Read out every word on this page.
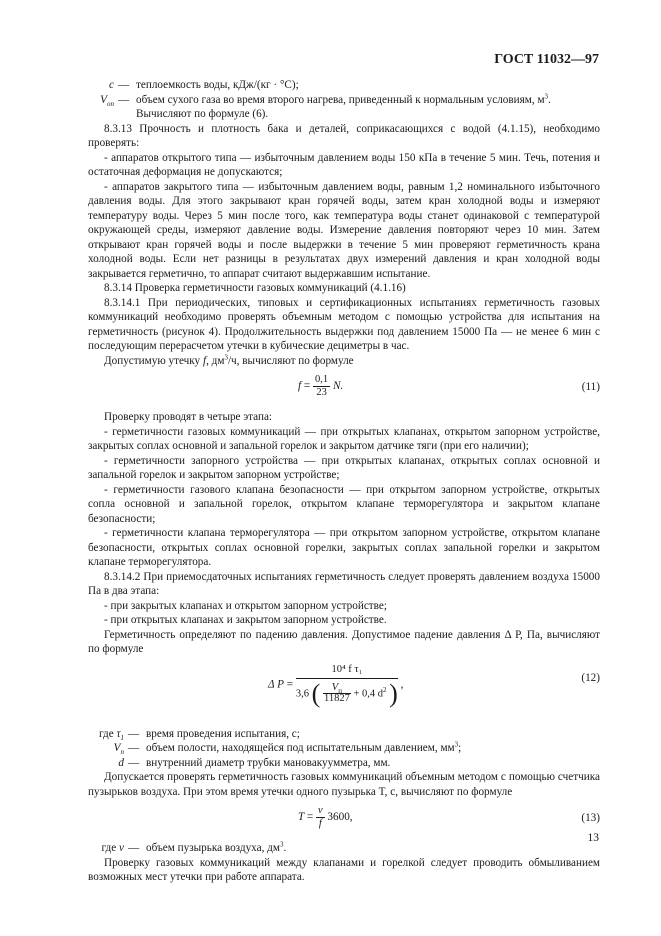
ГОСТ 11032—97
c — теплоемкость воды, кДж/(кг · °С);
$V_{оп}$ — объем сухого газа во время второго нагрева, приведенный к нормальным условиям, $м^3$.
Вычисляют по формуле (6).

8.3.13 Прочность и плотность бака и деталей, соприкасающихся с водой (4.1.15), необходимо проверять:

- аппаратов открытого типа — избыточным давлением воды 150 кПа в течение 5 мин. Течь, потения и остаточная деформация не допускаются;

- аппаратов закрытого типа — избыточным давлением воды, равным 1,2 номинального избыточного давления воды. Для этого закрывают кран горячей воды, затем кран холодной воды и измеряют температуру воды. Через 5 мин после того, как температура воды станет одинаковой с температурой окружающей среды, измеряют давление воды. Измерение давления повторяют через 10 мин. Затем открывают кран горячей воды и после выдержки в течение 5 мин проверяют герметичность крана холодной воды. Если нет разницы в результатах двух измерений давления и кран холодной воды закрывается герметично, то аппарат считают выдержавшим испытание.

8.3.14 Проверка герметичности газовых коммуникаций (4.1.16)

8.3.14.1 При периодических, типовых и сертификационных испытаниях герметичность газовых коммуникаций необходимо проверять объемным методом с помощью устройства для испытания на герметичность (рисунок 4). Продолжительность выдержки под давлением 15000 Па — не менее 6 мин с последующим перерасчетом утечки в кубические дециметры в час.

Допустимую утечку f, $дм^3/ч$, вычисляют по формуле

$f = \frac{0,1}{23} N$.	(11)

Проверку проводят в четыре этапа:

- герметичности газовых коммуникаций — при открытых клапанах, открытом запорном устройстве, закрытых соплах основной и запальной горелок и закрытом датчике тяги (при его наличии);

- герметичности запорного устройства — при открытых клапанах, открытых соплах основной и запальной горелок и закрытом запорном устройстве;

- герметичности газового клапана безопасности — при открытом запорном устройстве, открытых сопла основной и запальной горелок, открытом клапане терморегулятора и закрытом клапане безопасности;

- герметичности клапана терморегулятора — при открытом запорном устройстве, открытом клапане безопасности, открытых соплах основной горелки, закрытых соплах запальной горелки и закрытом клапане терморегулятора.

8.3.14.2 При приемосдаточных испытаниях герметичность следует проверять давлением воздуха 15000 Па в два этапа:

- при закрытых клапанах и открытом запорном устройстве;

- при открытых клапанах и закрытом запорном устройстве.

Герметичность определяют по падению давления. Допустимое падение давления Δ P, Па, вычисляют по формуле

Δ P =
10⁴ f τ₁
3,6 ( $\frac{V_п}{11827} + 0,4$ $d^2$ ) ,
(12)
где $\tau_1$ — время проведения испытания, с;
$V_п$ — объем полости, находящейся под испытательным давлением, $мм^3$;
d — внутренний диаметр трубки мановакуумметра, мм.

Допускается проверять герметичность газовых коммуникаций объемным методом с помощью счетчика пузырьков воздуха. При этом время утечки одного пузырька T, с, вычисляют по формуле

$T = \frac{v}{f} 3600$,	(13)
где v — объем пузырька воздуха, $дм^3$.

Проверку газовых коммуникаций между клапанами и горелкой следует проводить обмыливанием возможных мест утечки при работе аппарата.

13
